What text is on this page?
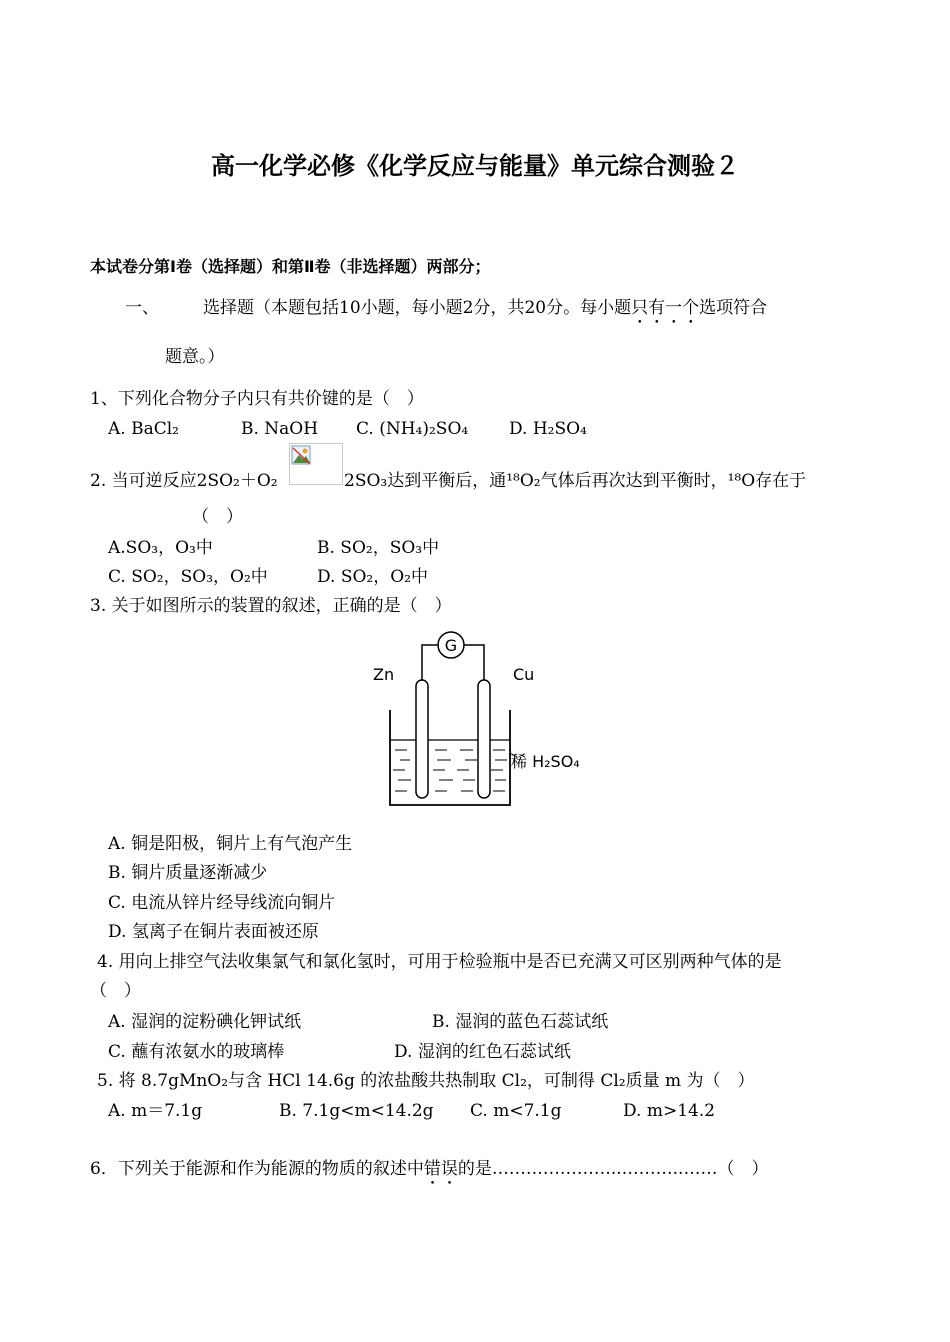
高一化学必修《化学反应与能量》单元综合测验２
本试卷分第Ⅰ卷（选择题）和第Ⅱ卷（非选择题）两部分；
一、	选择题（本题包括10小题，每小题2分，共20分。每小题只有一个选项符合
题意。）
1、下列化合物分子内只有共价键的是（　）
A. BaCl₂	B. NaOH C. (NH₄)₂SO₄ D. H₂SO₄
2. 当可逆反应2SO₂＋O₂	2SO₃达到平衡后，通¹⁸O₂气体后再次达到平衡时，¹⁸O存在于
（　）
A.SO₃，O₃中	B. SO₂，SO₃中
C. SO₂，SO₃，O₂中	D. SO₂，O₂中
3. 关于如图所示的装置的叙述，正确的是（　）
G
Zn	Cu
稀 H₂SO₄
A. 铜是阳极，铜片上有气泡产生
B. 铜片质量逐渐减少
C. 电流从锌片经导线流向铜片
D. 氢离子在铜片表面被还原
4. 用向上排空气法收集氯气和氯化氢时，可用于检验瓶中是否已充满又可区别两种气体的是
（　）
A. 湿润的淀粉碘化钾试纸	B. 湿润的蓝色石蕊试纸
C. 蘸有浓氨水的玻璃棒	D. 湿润的红色石蕊试纸
5. 将 8.7gMnO₂与含 HCl 14.6g 的浓盐酸共热制取 Cl₂，可制得 Cl₂质量 m 为（　）
A. m＝7.1g	B. 7.1g<m<14.2g C. m<7.1g	D. m>14.2
6．下列关于能源和作为能源的物质的叙述中错误的是…………………..………..……（　）
